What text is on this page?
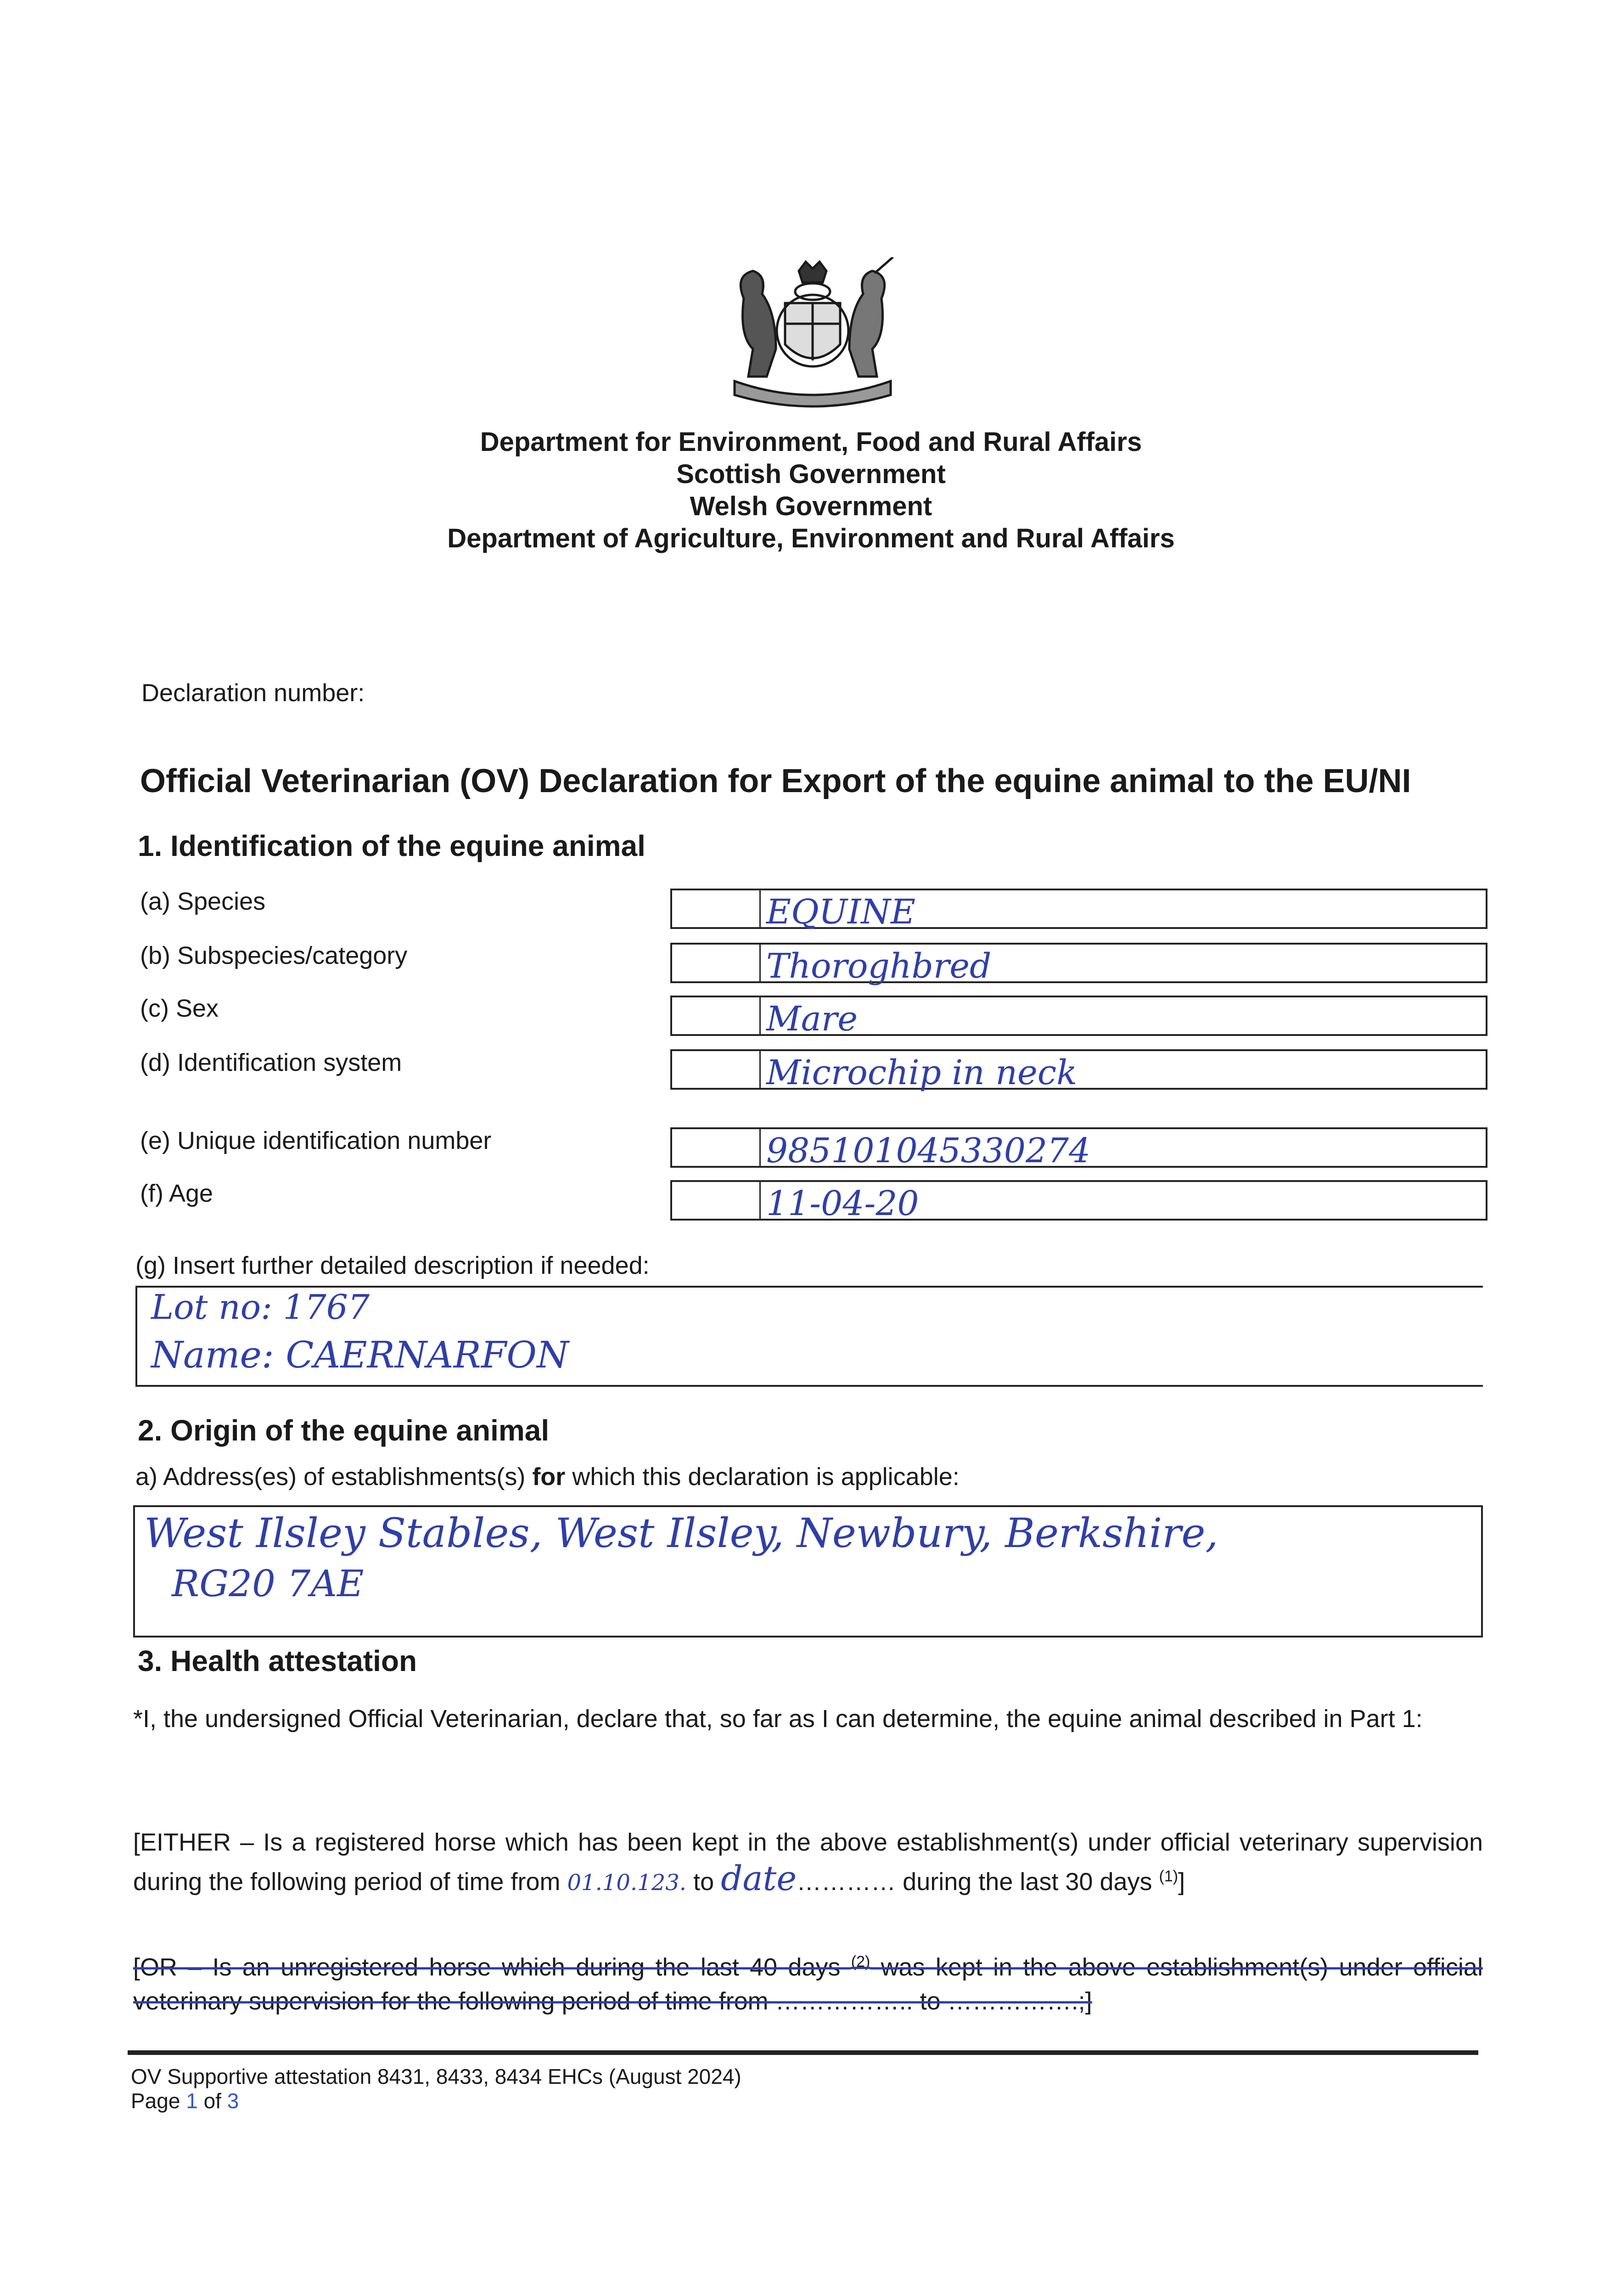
Department for Environment, Food and Rural Affairs
Scottish Government
Welsh Government
Department of Agriculture, Environment and Rural Affairs
Declaration number:
Official Veterinarian (OV) Declaration for Export of the equine animal to the EU/NI
1. Identification of the equine animal
(a) Species	EQUINE
(b) Subspecies/category	Thoroghbred
(c) Sex	Mare
(d) Identification system	Microchip in neck
(e) Unique identification number	985101045330274
(f) Age	11-04-20
(g) Insert further detailed description if needed:
Lot no: 1767
Name: CAERNARFON
2. Origin of the equine animal
a) Address(es) of establishments(s) for which this declaration is applicable:
West Ilsley Stables, West Ilsley, Newbury, Berkshire,
RG20 7AE
3. Health attestation
*I, the undersigned Official Veterinarian, declare that, so far as I can determine, the equine animal described in Part 1:
[EITHER – Is a registered horse which has been kept in the above establishment(s) under official veterinary supervision during the following period of time from 01.10.123. to date………… during the last 30 days $^{(1)}$]
[OR – Is an unregistered horse which during the last 40 days $^{(2)}$ was kept in the above establishment(s) under official veterinary supervision for the following period of time from …………….. to …………….;]
OV Supportive attestation 8431, 8433, 8434 EHCs (August 2024)
Page 1 of 3
